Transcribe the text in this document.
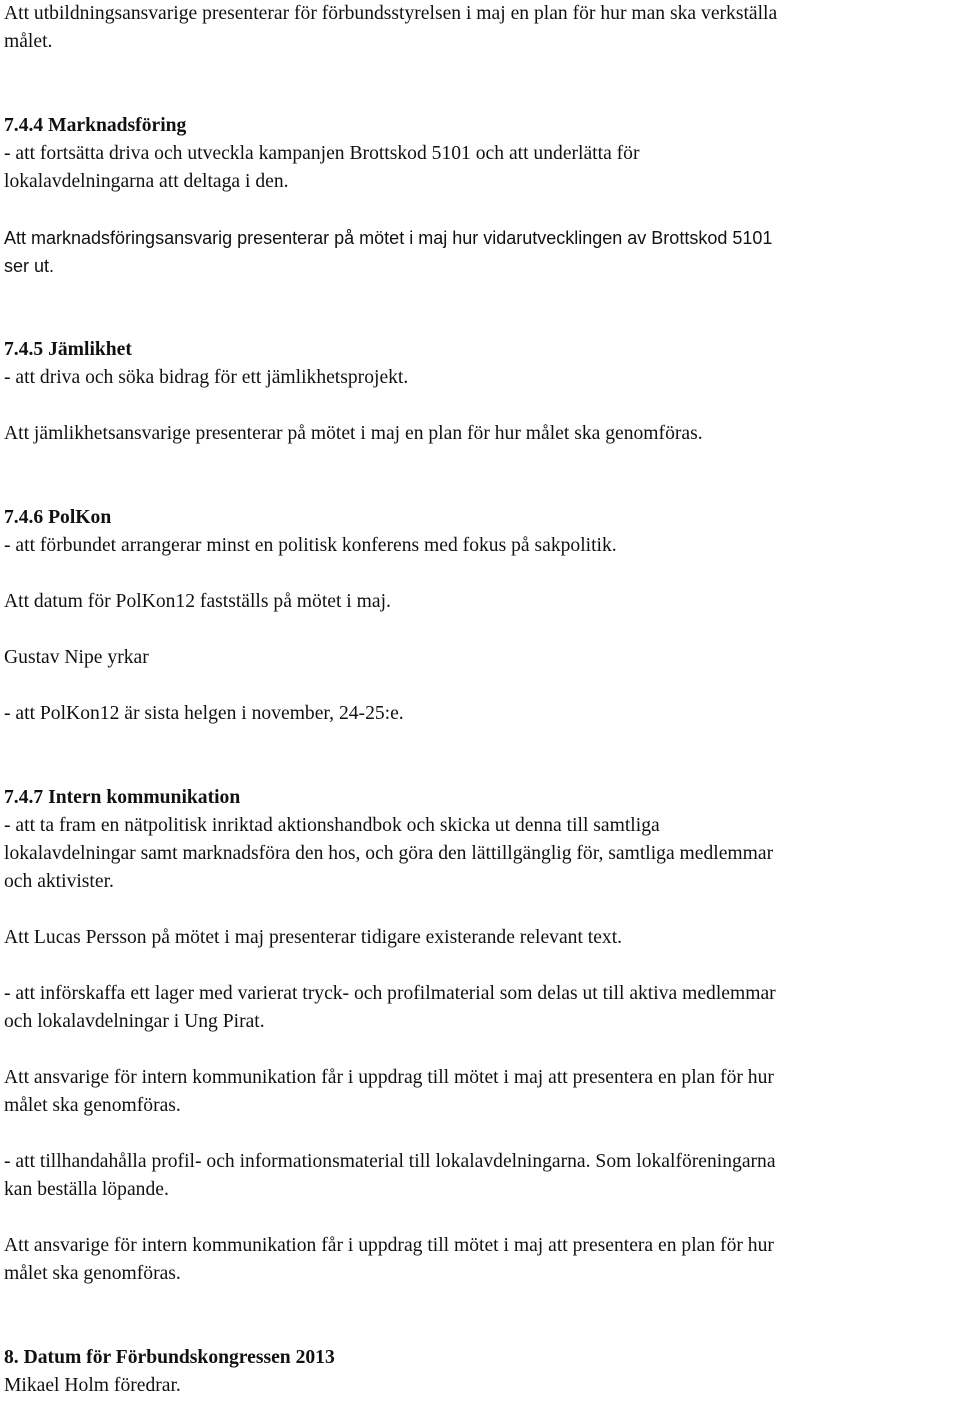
Att utbildningsansvarige presenterar för förbundsstyrelsen i maj en plan för hur man ska verkställa
målet.

7.4.4 Marknadsföring

- att fortsätta driva och utveckla kampanjen Brottskod 5101 och att underlätta för
lokalavdelningarna att deltaga i den.

Att marknadsföringsansvarig presenterar på mötet i maj hur vidarutvecklingen av Brottskod 5101
ser ut.

7.4.5 Jämlikhet

- att driva och söka bidrag för ett jämlikhetsprojekt.

Att jämlikhetsansvarige presenterar på mötet i maj en plan för hur målet ska genomföras.

7.4.6 PolKon

- att förbundet arrangerar minst en politisk konferens med fokus på sakpolitik.

Att datum för PolKon12 fastställs på mötet i maj.

Gustav Nipe yrkar

- att PolKon12 är sista helgen i november, 24-25:e.

7.4.7 Intern kommunikation

- att ta fram en nätpolitisk inriktad aktionshandbok och skicka ut denna till samtliga
lokalavdelningar samt marknadsföra den hos, och göra den lättillgänglig för, samtliga medlemmar
och aktivister.

Att Lucas Persson på mötet i maj presenterar tidigare existerande relevant text.

- att införskaffa ett lager med varierat tryck- och profilmaterial som delas ut till aktiva medlemmar
och lokalavdelningar i Ung Pirat.

Att ansvarige för intern kommunikation får i uppdrag till mötet i maj att presentera en plan för hur
målet ska genomföras.

- att tillhandahålla profil- och informationsmaterial till lokalavdelningarna. Som lokalföreningarna
kan beställa löpande.

Att ansvarige för intern kommunikation får i uppdrag till mötet i maj att presentera en plan för hur
målet ska genomföras.

8. Datum för Förbundskongressen 2013

Mikael Holm föredrar.
